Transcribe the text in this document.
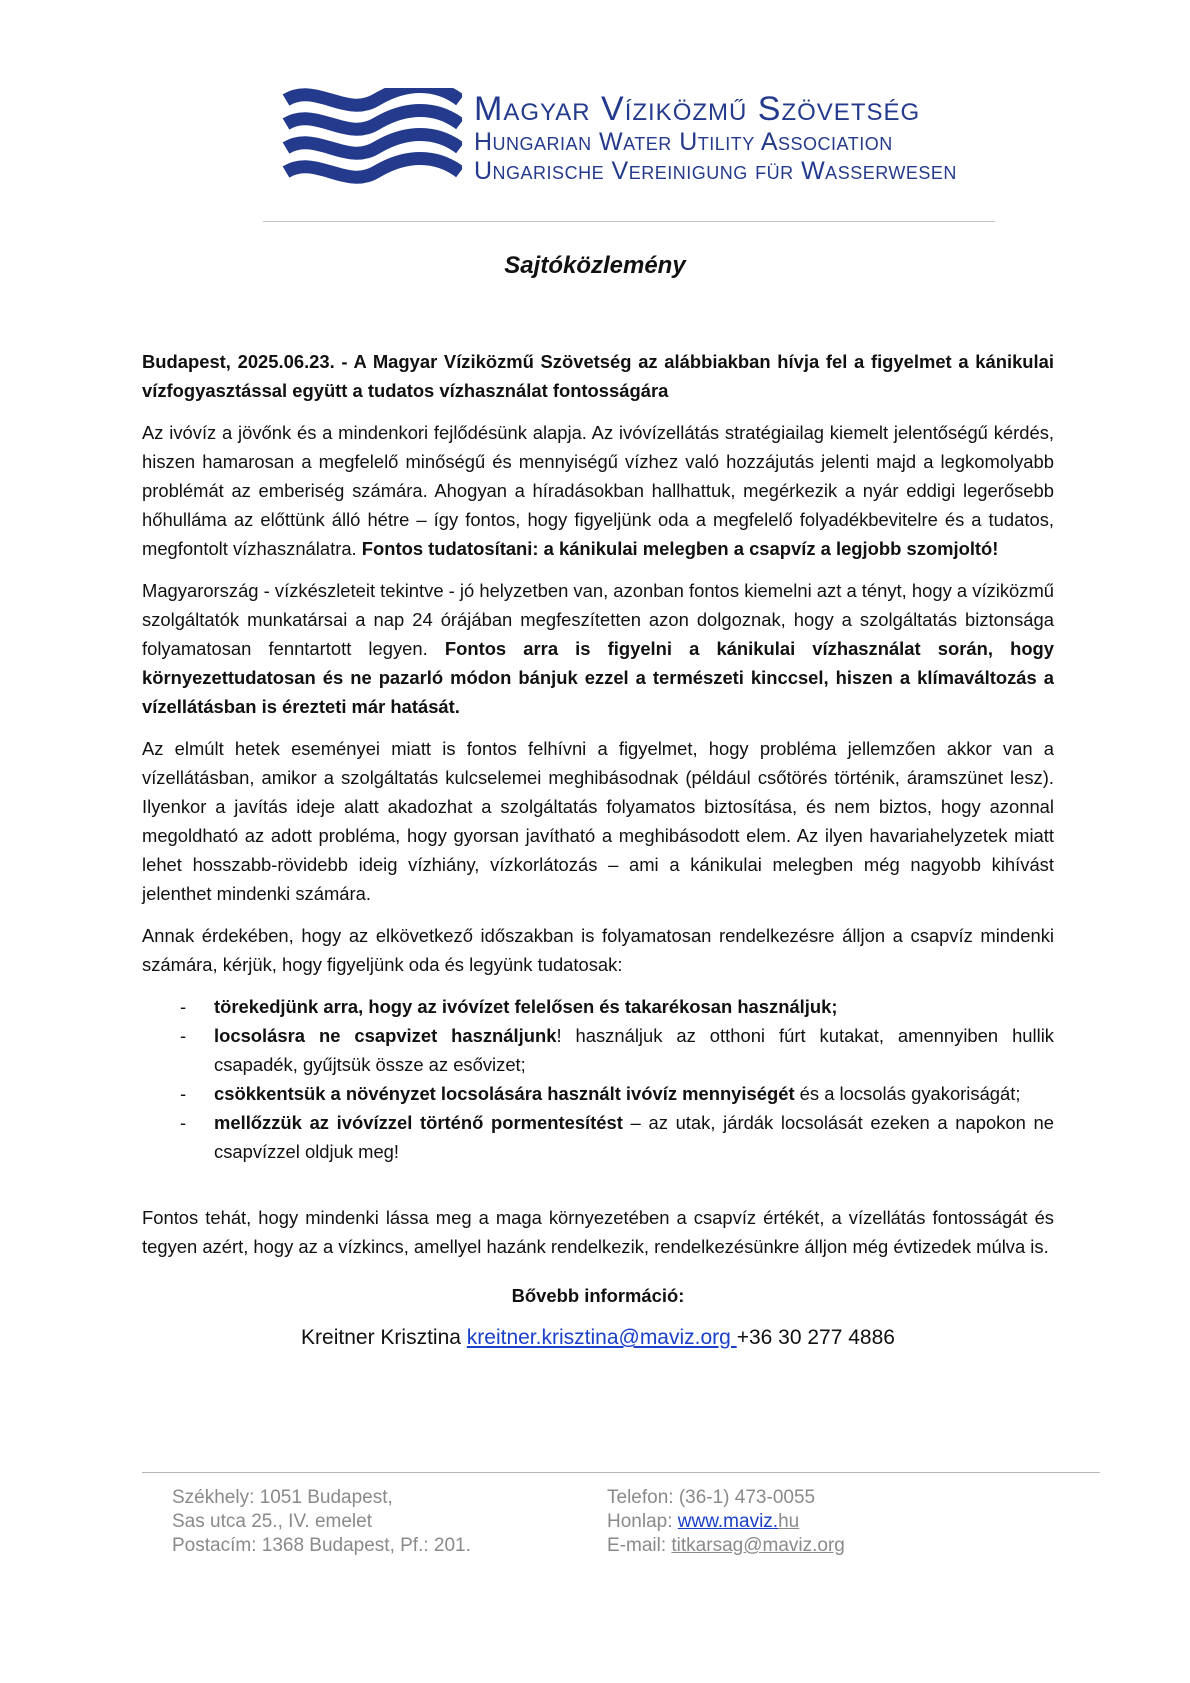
Magyar Víziközmű Szövetség

Hungarian Water Utility Association

Ungarische Vereinigung für Wasserwesen

Sajtóközlemény

Budapest, 2025.06.23. - A Magyar Víziközmű Szövetség az alábbiakban hívja fel a figyelmet a kánikulai vízfogyasztással együtt a tudatos vízhasználat fontosságára

Az ivóvíz a jövőnk és a mindenkori fejlődésünk alapja. Az ivóvízellátás stratégiailag kiemelt jelentőségű kérdés, hiszen hamarosan a megfelelő minőségű és mennyiségű vízhez való hozzájutás jelenti majd a legkomolyabb problémát az emberiség számára. Ahogyan a híradásokban hallhattuk, megérkezik a nyár eddigi legerősebb hőhulláma az előttünk álló hétre – így fontos, hogy figyeljünk oda a megfelelő folyadékbevitelre és a tudatos, megfontolt vízhasználatra. Fontos tudatosítani: a kánikulai melegben a csapvíz a legjobb szomjoltó!

Magyarország - vízkészleteit tekintve - jó helyzetben van, azonban fontos kiemelni azt a tényt, hogy a víziközmű szolgáltatók munkatársai a nap 24 órájában megfeszítetten azon dolgoznak, hogy a szolgáltatás biztonsága folyamatosan fenntartott legyen. Fontos arra is figyelni a kánikulai vízhasználat során, hogy környezettudatosan és ne pazarló módon bánjuk ezzel a természeti kinccsel, hiszen a klímaváltozás a vízellátásban is érezteti már hatását.

Az elmúlt hetek eseményei miatt is fontos felhívni a figyelmet, hogy probléma jellemzően akkor van a vízellátásban, amikor a szolgáltatás kulcselemei meghibásodnak (például csőtörés történik, áramszünet lesz). Ilyenkor a javítás ideje alatt akadozhat a szolgáltatás folyamatos biztosítása, és nem biztos, hogy azonnal megoldható az adott probléma, hogy gyorsan javítható a meghibásodott elem. Az ilyen havariahelyzetek miatt lehet hosszabb-rövidebb ideig vízhiány, vízkorlátozás – ami a kánikulai melegben még nagyobb kihívást jelenthet mindenki számára.

Annak érdekében, hogy az elkövetkező időszakban is folyamatosan rendelkezésre álljon a csapvíz mindenki számára, kérjük, hogy figyeljünk oda és legyünk tudatosak:

- törekedjünk arra, hogy az ivóvízet felelősen és takarékosan használjuk;
- locsolásra ne csapvizet használjunk! használjuk az otthoni fúrt kutakat, amennyiben hullik csapadék, gyűjtsük össze az esővizet;
- csökkentsük a növényzet locsolására használt ivóvíz mennyiségét és a locsolás gyakoriságát;
- mellőzzük az ivóvízzel történő pormentesítést – az utak, járdák locsolását ezeken a napokon ne csapvízzel oldjuk meg!

Fontos tehát, hogy mindenki lássa meg a maga környezetében a csapvíz értékét, a vízellátás fontosságát és tegyen azért, hogy az a vízkincs, amellyel hazánk rendelkezik, rendelkezésünkre álljon még évtizedek múlva is.

Bővebb információ:

Kreitner Krisztina kreitner.krisztina@maviz.org +36 30 277 4886

Székhely: 1051 Budapest,
Sas utca 25., IV. emelet
Postacím: 1368 Budapest, Pf.: 201.
Telefon: (36-1) 473-0055
Honlap: www.maviz.hu
E-mail: titkarsag@maviz.org
